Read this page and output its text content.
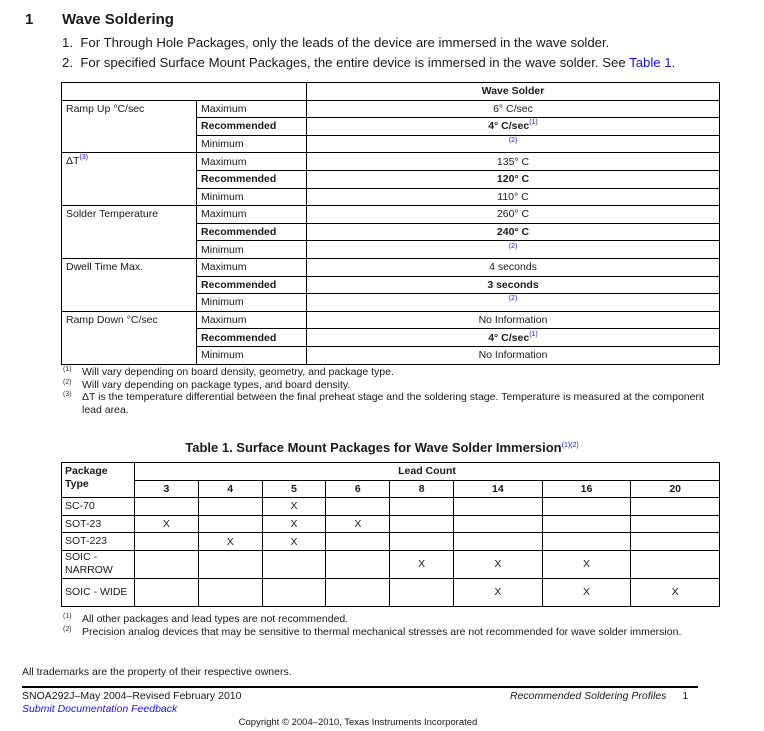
1 Wave Soldering
1. For Through Hole Packages, only the leads of the device are immersed in the wave solder.
2. For specified Surface Mount Packages, the entire device is immersed in the wave solder. See Table 1.
		Wave Solder
Ramp Up °C/sec	Maximum	6° C/sec
	Recommended	4° C/sec$^{(1)}$
	Minimum	$^{(2)}$
ΔT$^{(3)}$	Maximum	135° C
	Recommended	120° C
	Minimum	110° C
Solder Temperature	Maximum	260° C
	Recommended	240° C
	Minimum	$^{(2)}$
Dwell Time Max.	Maximum	4 seconds
	Recommended	3 seconds
	Minimum	$^{(2)}$
Ramp Down °C/sec	Maximum	No Information
	Recommended	4° C/sec$^{(1)}$
	Minimum	No Information
(1) Will vary depending on board density, geometry, and package type.
(2) Will vary depending on package types, and board density.
(3) ΔT is the temperature differential between the final preheat stage and the soldering stage. Temperature is measured at the component lead area.
Table 1. Surface Mount Packages for Wave Solder Immersion$^{(1)(2)}$
Package Type	Lead Count							
	3	4	5	6	8	14	16	20
SC-70			X					
SOT-23	X		X	X				
SOT-223		X	X					
SOIC - NARROW					X	X	X	
SOIC - WIDE						X	X	X
(1) All other packages and lead types are not recommended.
(2) Precision analog devices that may be sensitive to thermal mechanical stresses are not recommended for wave solder immersion.
All trademarks are the property of their respective owners.
SNOA292J–May 2004–Revised February 2010
Submit Documentation Feedback
Recommended Soldering Profiles 1
Copyright © 2004–2010, Texas Instruments Incorporated
